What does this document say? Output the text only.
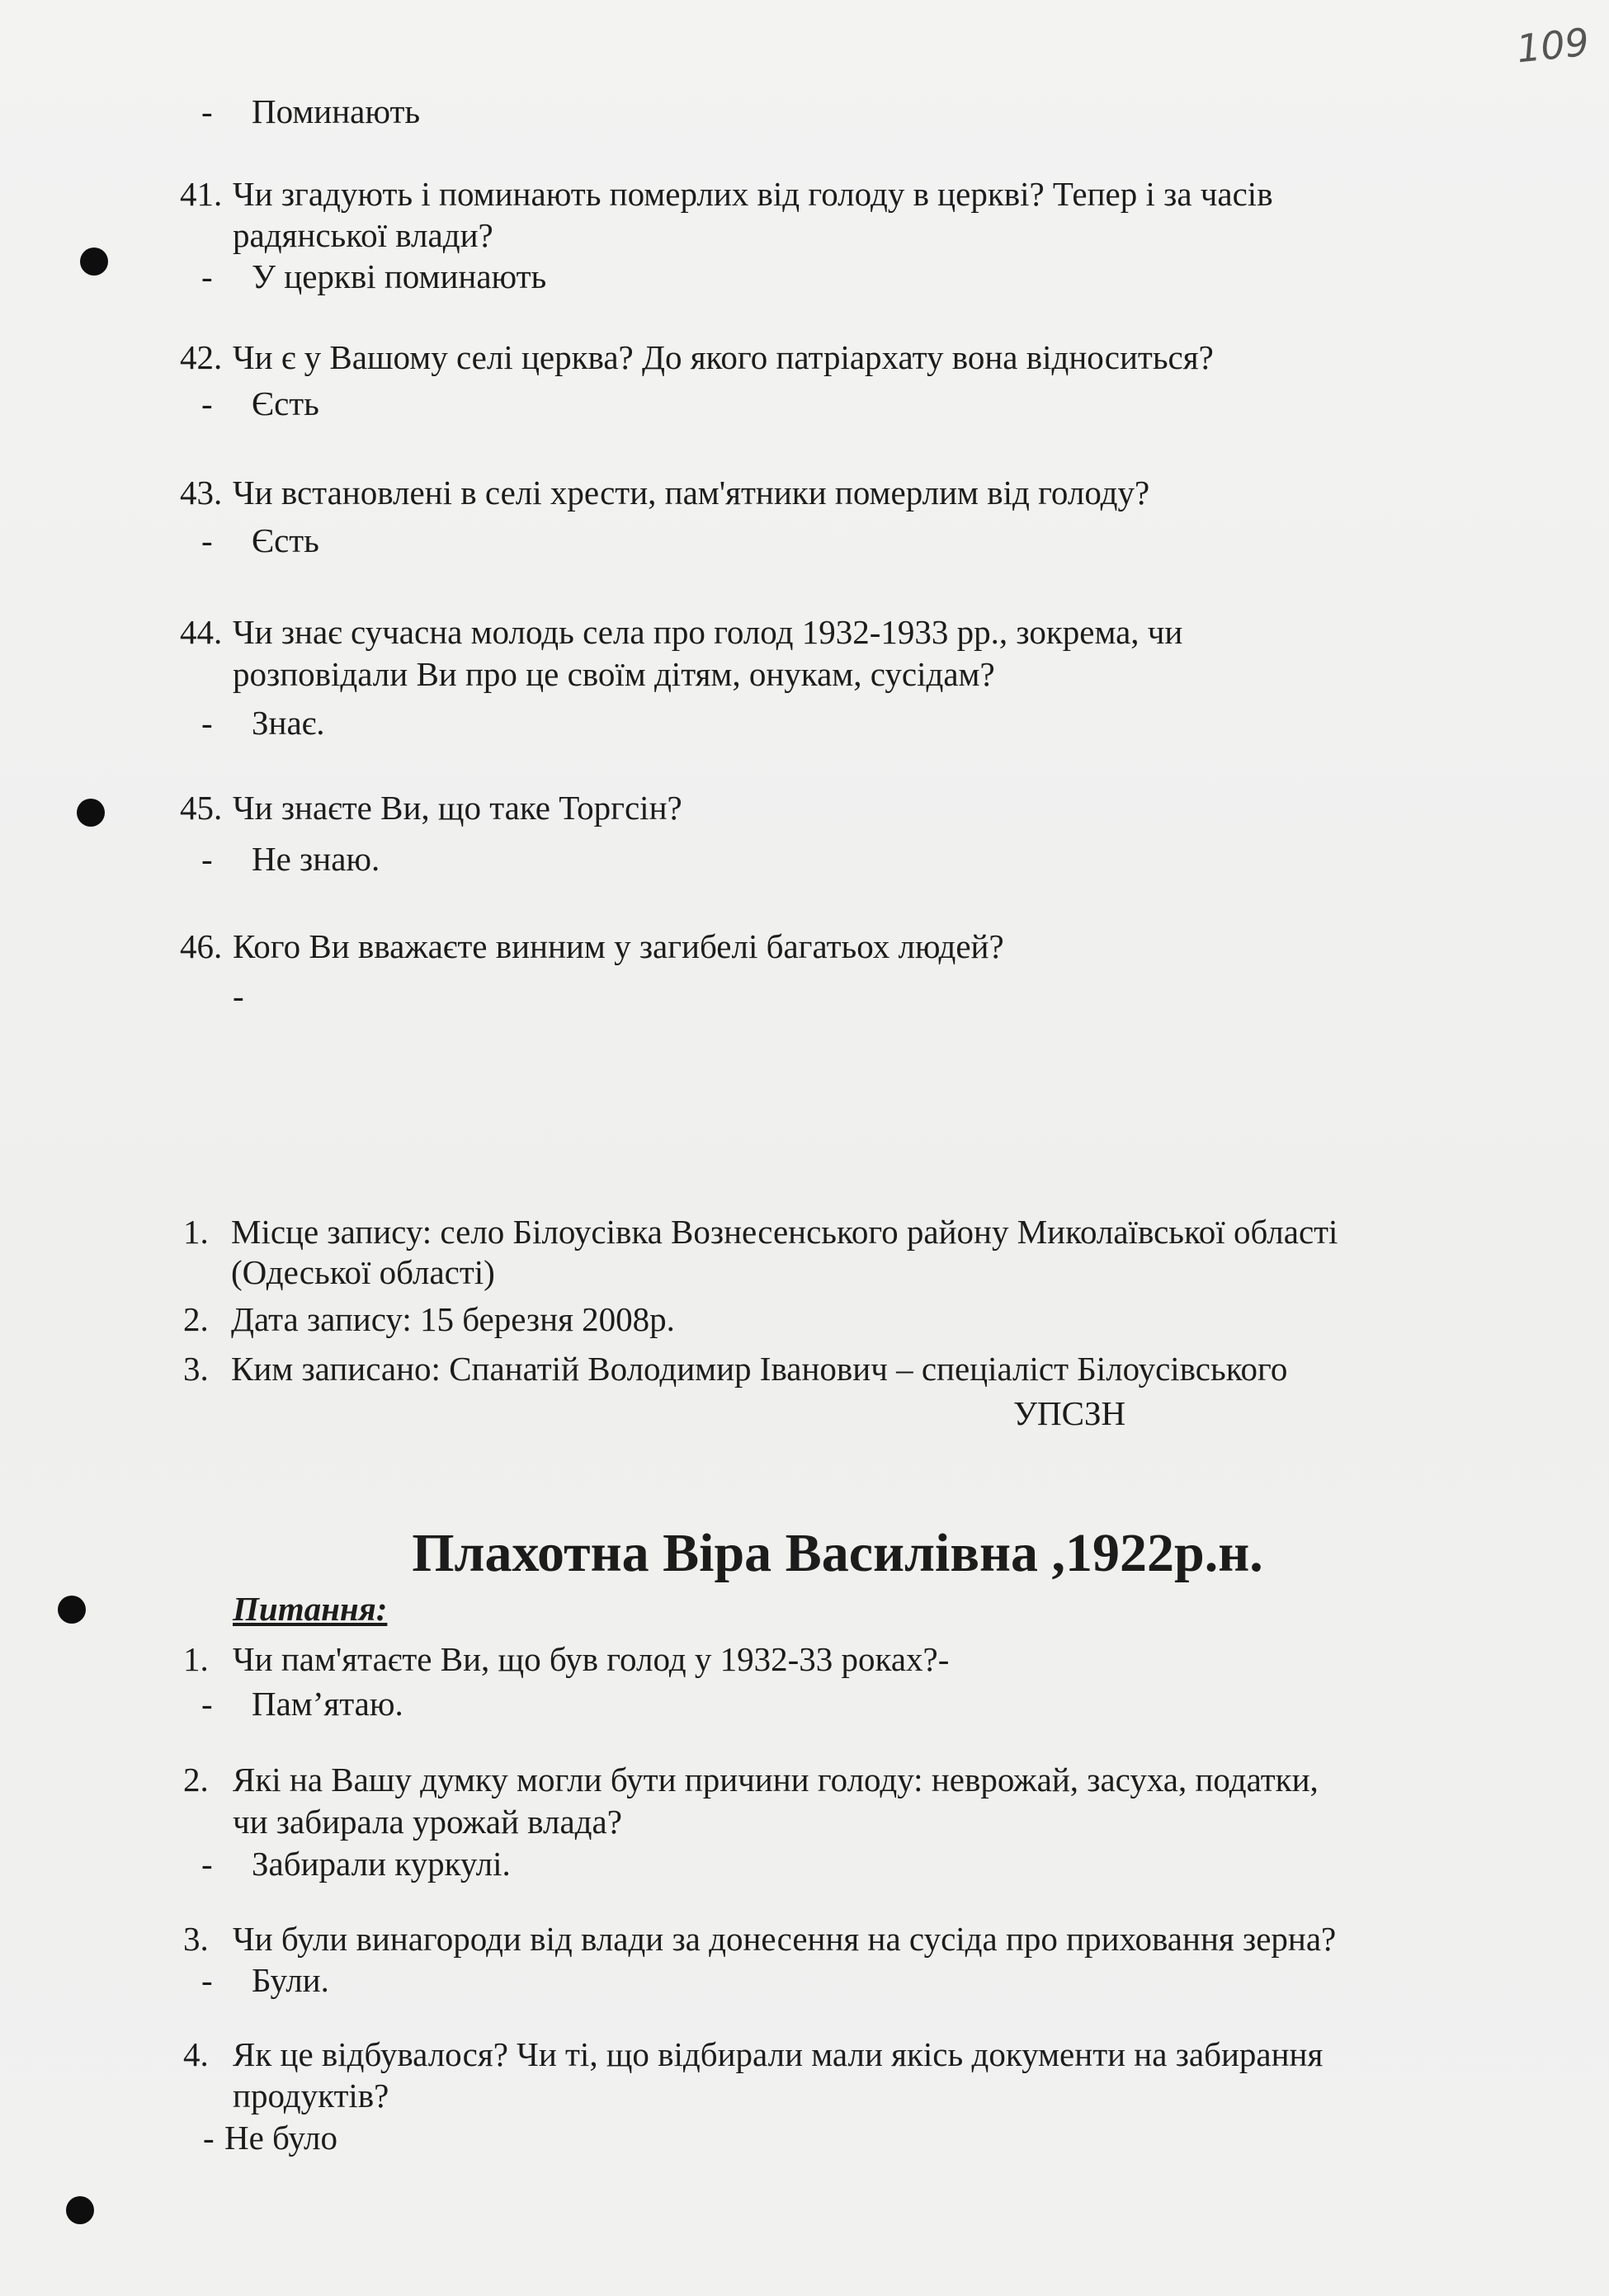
109
- Поминають
41. Чи згадують і поминають померлих від голоду в церкві? Тепер і за часів
радянської влади?
- У церкві поминають
42. Чи є у Вашому селі церква? До якого патріархату вона відноситься?
- Єсть
43. Чи встановлені в селі хрести, пам'ятники померлим від голоду?
- Єсть
44. Чи знає сучасна молодь села про голод 1932-1933 рр., зокрема, чи
розповідали Ви про це своїм дітям, онукам, сусідам?
- Знає.
45. Чи знаєте Ви, що таке Торгсін?
- Не знаю.
46. Кого Ви вважаєте винним у загибелі багатьох людей?
-
1. Місце запису: село Білоусівка Вознесенського району Миколаївської області
(Одеської області)
2. Дата запису: 15 березня 2008р.
3. Ким записано: Спанатій Володимир Іванович – спеціаліст Білоусівського
УПСЗН
Плахотна Віра Василівна ,1922р.н.
Питання:
1. Чи пам'ятаєте Ви, що був голод у 1932-33 роках?-
- Пам’ятаю.
2. Які на Вашу думку могли бути причини голоду: неврожай, засуха, податки,
чи забирала урожай влада?
- Забирали куркулі.
3. Чи були винагороди від влади за донесення на сусіда про приховання зерна?
- Були.
4. Як це відбувалося? Чи ті, що відбирали мали якісь документи на забирання
продуктів?
- Не було
